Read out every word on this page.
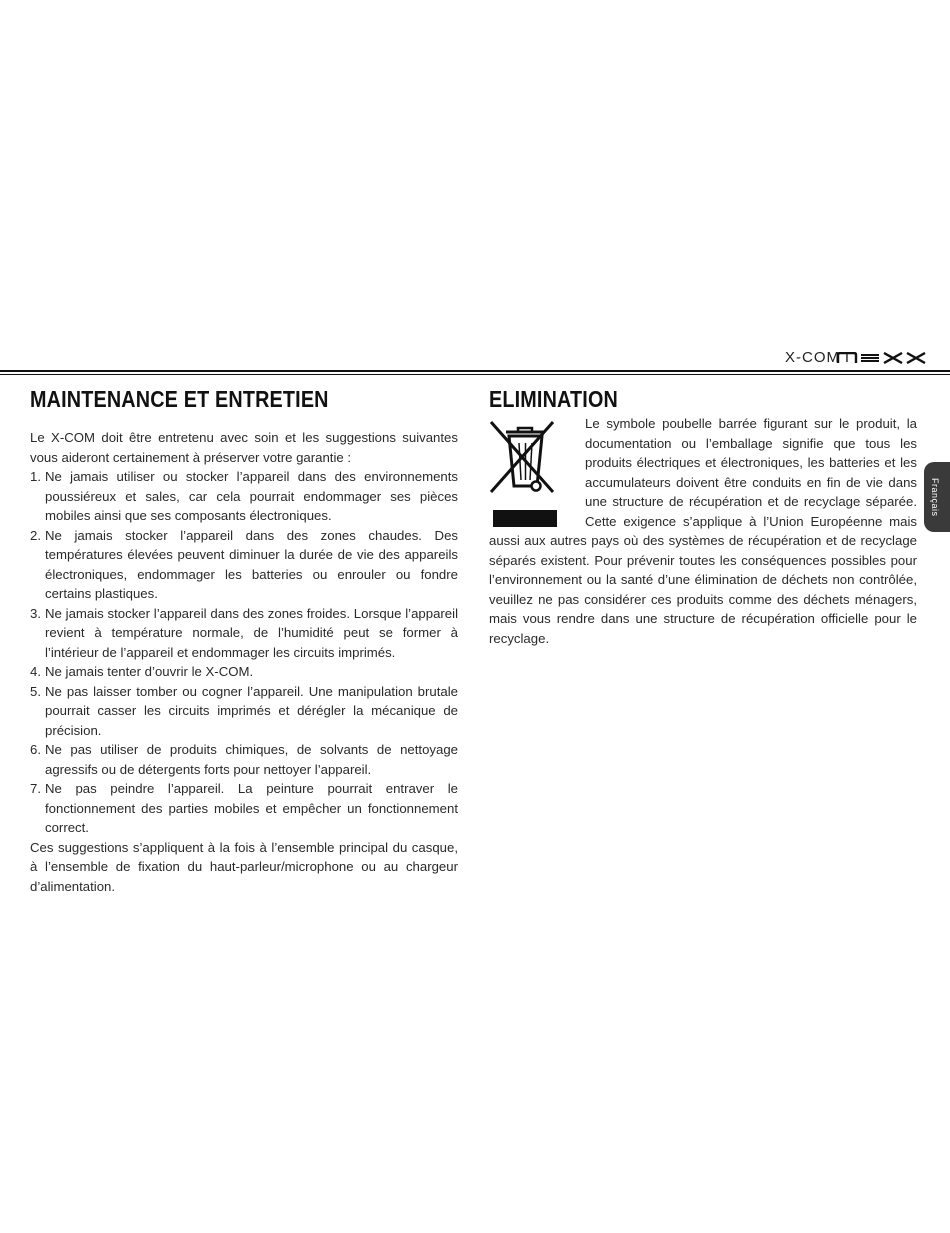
X-COM I
Français
MAINTENANCE ET ENTRETIEN	ELIMINATION

Le X-COM doit être entretenu avec soin et les suggestions suivantes vous aideront certainement à préserver votre garantie :

1. Ne jamais utiliser ou stocker l’appareil dans des environnements poussiéreux et sales, car cela pourrait endommager ses pièces mobiles ainsi que ses composants électroniques.
2. Ne jamais stocker l’appareil dans des zones chaudes. Des températures élevées peuvent diminuer la durée de vie des appareils électroniques, endommager les batteries ou enrouler ou fondre certains plastiques.
3. Ne jamais stocker l’appareil dans des zones froides. Lorsque l’appareil revient à température normale, de l’humidité peut se former à l’intérieur de l’appareil et endommager les circuits imprimés.
4. Ne jamais tenter d’ouvrir le X-COM.
5. Ne pas laisser tomber ou cogner l’appareil. Une manipulation brutale pourrait casser les circuits imprimés et dérégler la mécanique de précision.
6. Ne pas utiliser de produits chimiques, de solvants de nettoyage agressifs ou de détergents forts pour nettoyer l’appareil.
7. Ne pas peindre l’appareil. La peinture pourrait entraver le fonctionnement des parties mobiles et empêcher un fonctionnement correct.

Ces suggestions s’appliquent à la fois à l’ensemble principal du casque, à l’ensemble de fixation du haut-parleur/microphone ou au chargeur d’alimentation.

Le symbole poubelle barrée figurant sur le produit, la documentation ou l’emballage signifie que tous les produits électriques et électroniques, les batteries et les accumulateurs doivent être conduits en fin de vie dans une structure de récupération et de recyclage séparée. Cette exigence s’applique à l’Union Européenne mais aussi aux autres pays où des systèmes de récupération et de recyclage séparés existent. Pour prévenir toutes les conséquences possibles pour l’environnement ou la santé d’une élimination de déchets non contrôlée, veuillez ne pas considérer ces produits comme des déchets ménagers, mais vous rendre dans une structure de récupération officielle pour le recyclage.
